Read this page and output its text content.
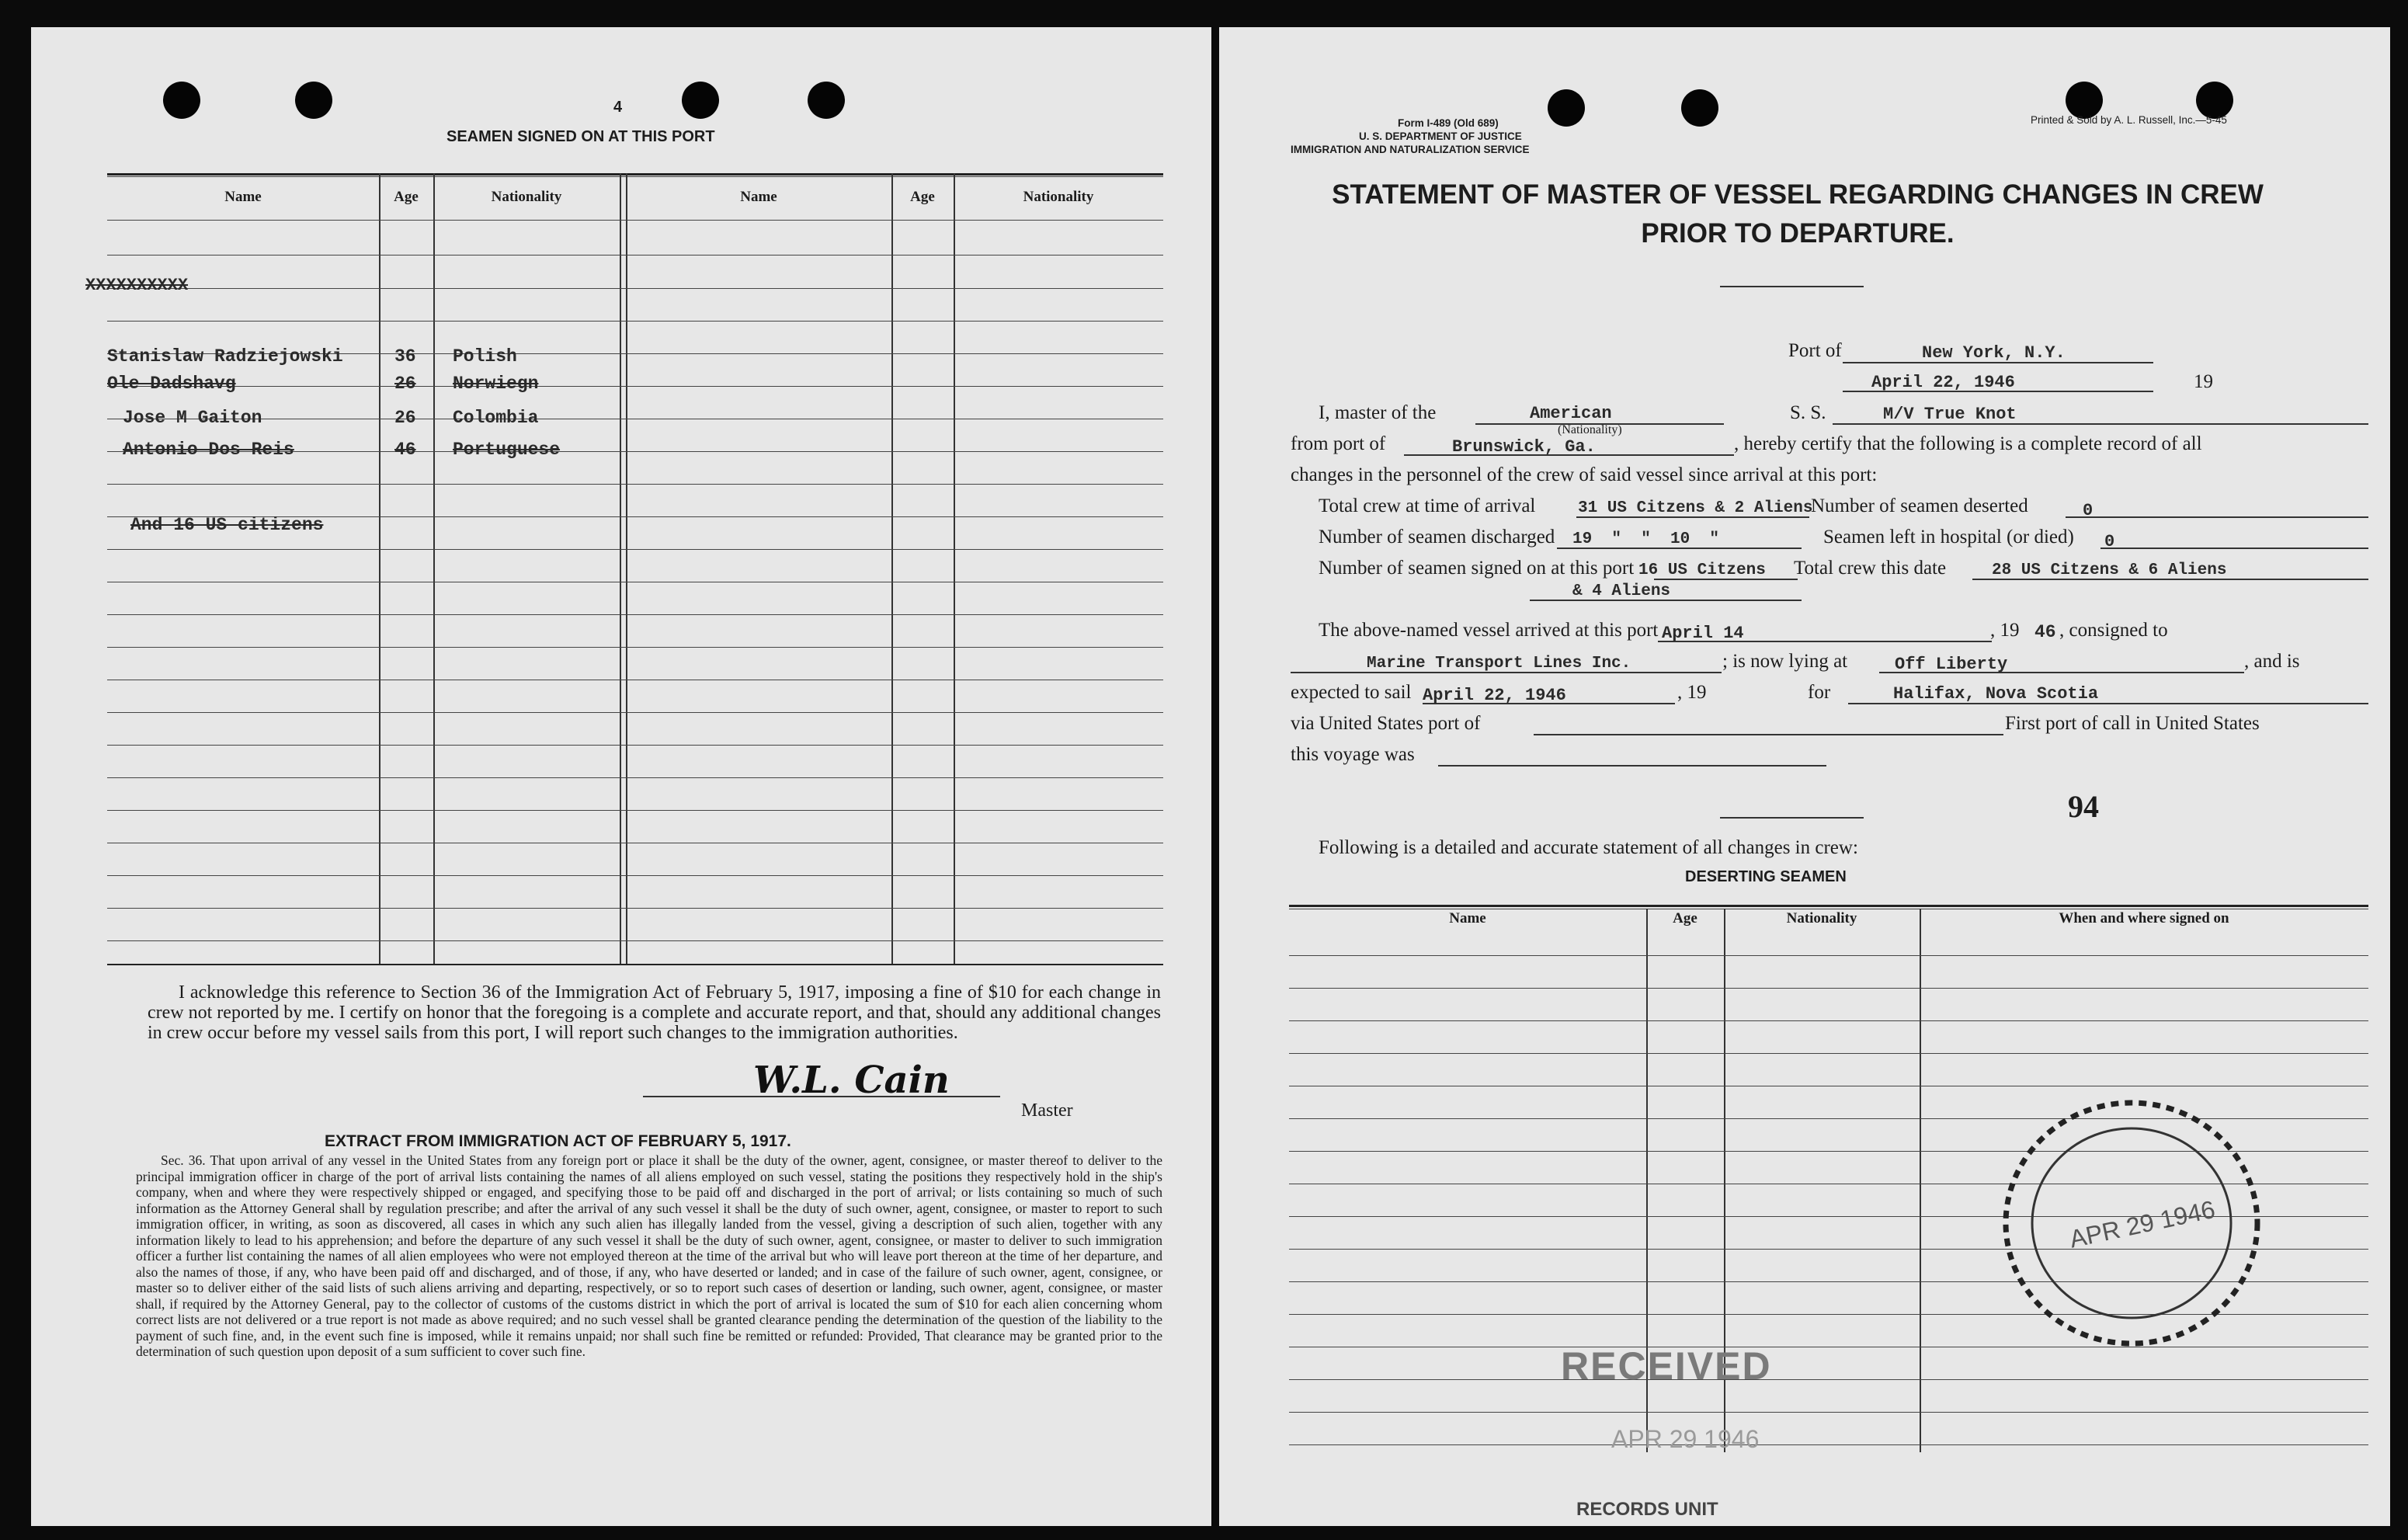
4
SEAMEN SIGNED ON AT THIS PORT
Name	Age	Nationality	Name	Age	Nationality
XXXXXXXXXX
Stanislaw Radziejowski	36 Polish
Ole Dadshavg	26 Norwiegn
Jose M Gaiton	26 Colombia
Antonio Dos Reis	46 Portuguese
And 16 US citizens
I acknowledge this reference to Section 36 of the Immigration Act of February 5, 1917, imposing a fine of $10 for each change in crew not reported by me. I certify on honor that the foregoing is a complete and accurate report, and that, should any additional changes in crew occur before my vessel sails from this port, I will report such changes to the immigration authorities.
W.L. Cain
Master
EXTRACT FROM IMMIGRATION ACT OF FEBRUARY 5, 1917.
Sec. 36. That upon arrival of any vessel in the United States from any foreign port or place it shall be the duty of the owner, agent, consignee, or master thereof to deliver to the principal immigration officer in charge of the port of arrival lists containing the names of all aliens employed on such vessel, stating the positions they respectively hold in the ship's company, when and where they were respectively shipped or engaged, and specifying those to be paid off and discharged in the port of arrival; or lists containing so much of such information as the Attorney General shall by regulation prescribe; and after the arrival of any such vessel it shall be the duty of such owner, agent, consignee, or master to report to such immigration officer, in writing, as soon as discovered, all cases in which any such alien has illegally landed from the vessel, giving a description of such alien, together with any information likely to lead to his apprehension; and before the departure of any such vessel it shall be the duty of such owner, agent, consignee, or master to deliver to such immigration officer a further list containing the names of all alien employees who were not employed thereon at the time of the arrival but who will leave port thereon at the time of her departure, and also the names of those, if any, who have been paid off and discharged, and of those, if any, who have deserted or landed; and in case of the failure of such owner, agent, consignee, or master so to deliver either of the said lists of such aliens arriving and departing, respectively, or so to report such cases of desertion or landing, such owner, agent, consignee, or master shall, if required by the Attorney General, pay to the collector of customs of the customs district in which the port of arrival is located the sum of $10 for each alien concerning whom correct lists are not delivered or a true report is not made as above required; and no such vessel shall be granted clearance pending the determination of the question of the liability to the payment of such fine, and, in the event such fine is imposed, while it remains unpaid; nor shall such fine be remitted or refunded: Provided, That clearance may be granted prior to the determination of such question upon deposit of a sum sufficient to cover such fine.
Form I-489 (Old 689)
U. S. DEPARTMENT OF JUSTICE
IMMIGRATION AND NATURALIZATION SERVICE
Printed & Sold by A. L. Russell, Inc.—5-45
STATEMENT OF MASTER OF VESSEL REGARDING CHANGES IN CREW
PRIOR TO DEPARTURE.
Port of	New York, N.Y.
April 22, 1946	19
I, master of the	American
(Nationality)
S. S.	M/V True Knot
from port of	Brunswick, Ga.	, hereby certify that the following is a complete record of all
changes in the personnel of the crew of said vessel since arrival at this port:
Total crew at time of arrival	31 US Citzens & 2 Aliens
Number of seamen deserted	0
Number of seamen discharged 19  "  "  10  "	Seamen left in hospital (or died) 0
Number of seamen signed on at this port 16 US Citzens Total crew this date	28 US Citzens & 6 Aliens
& 4 Aliens
The above-named vessel arrived at this port April 14	, 19 46 , consigned to
Marine Transport Lines Inc.	; is now lying at	Off Liberty	, and is
expected to sail April 22, 1946	, 19	for	Halifax, Nova Scotia
via United States port of	First port of call in United States
this voyage was
94
Following is a detailed and accurate statement of all changes in crew:
DESERTING SEAMEN
Name	Age	Nationality	When and where signed on
RECEIVED
APR 29 1946
RECORDS UNIT
APR 29 1946
